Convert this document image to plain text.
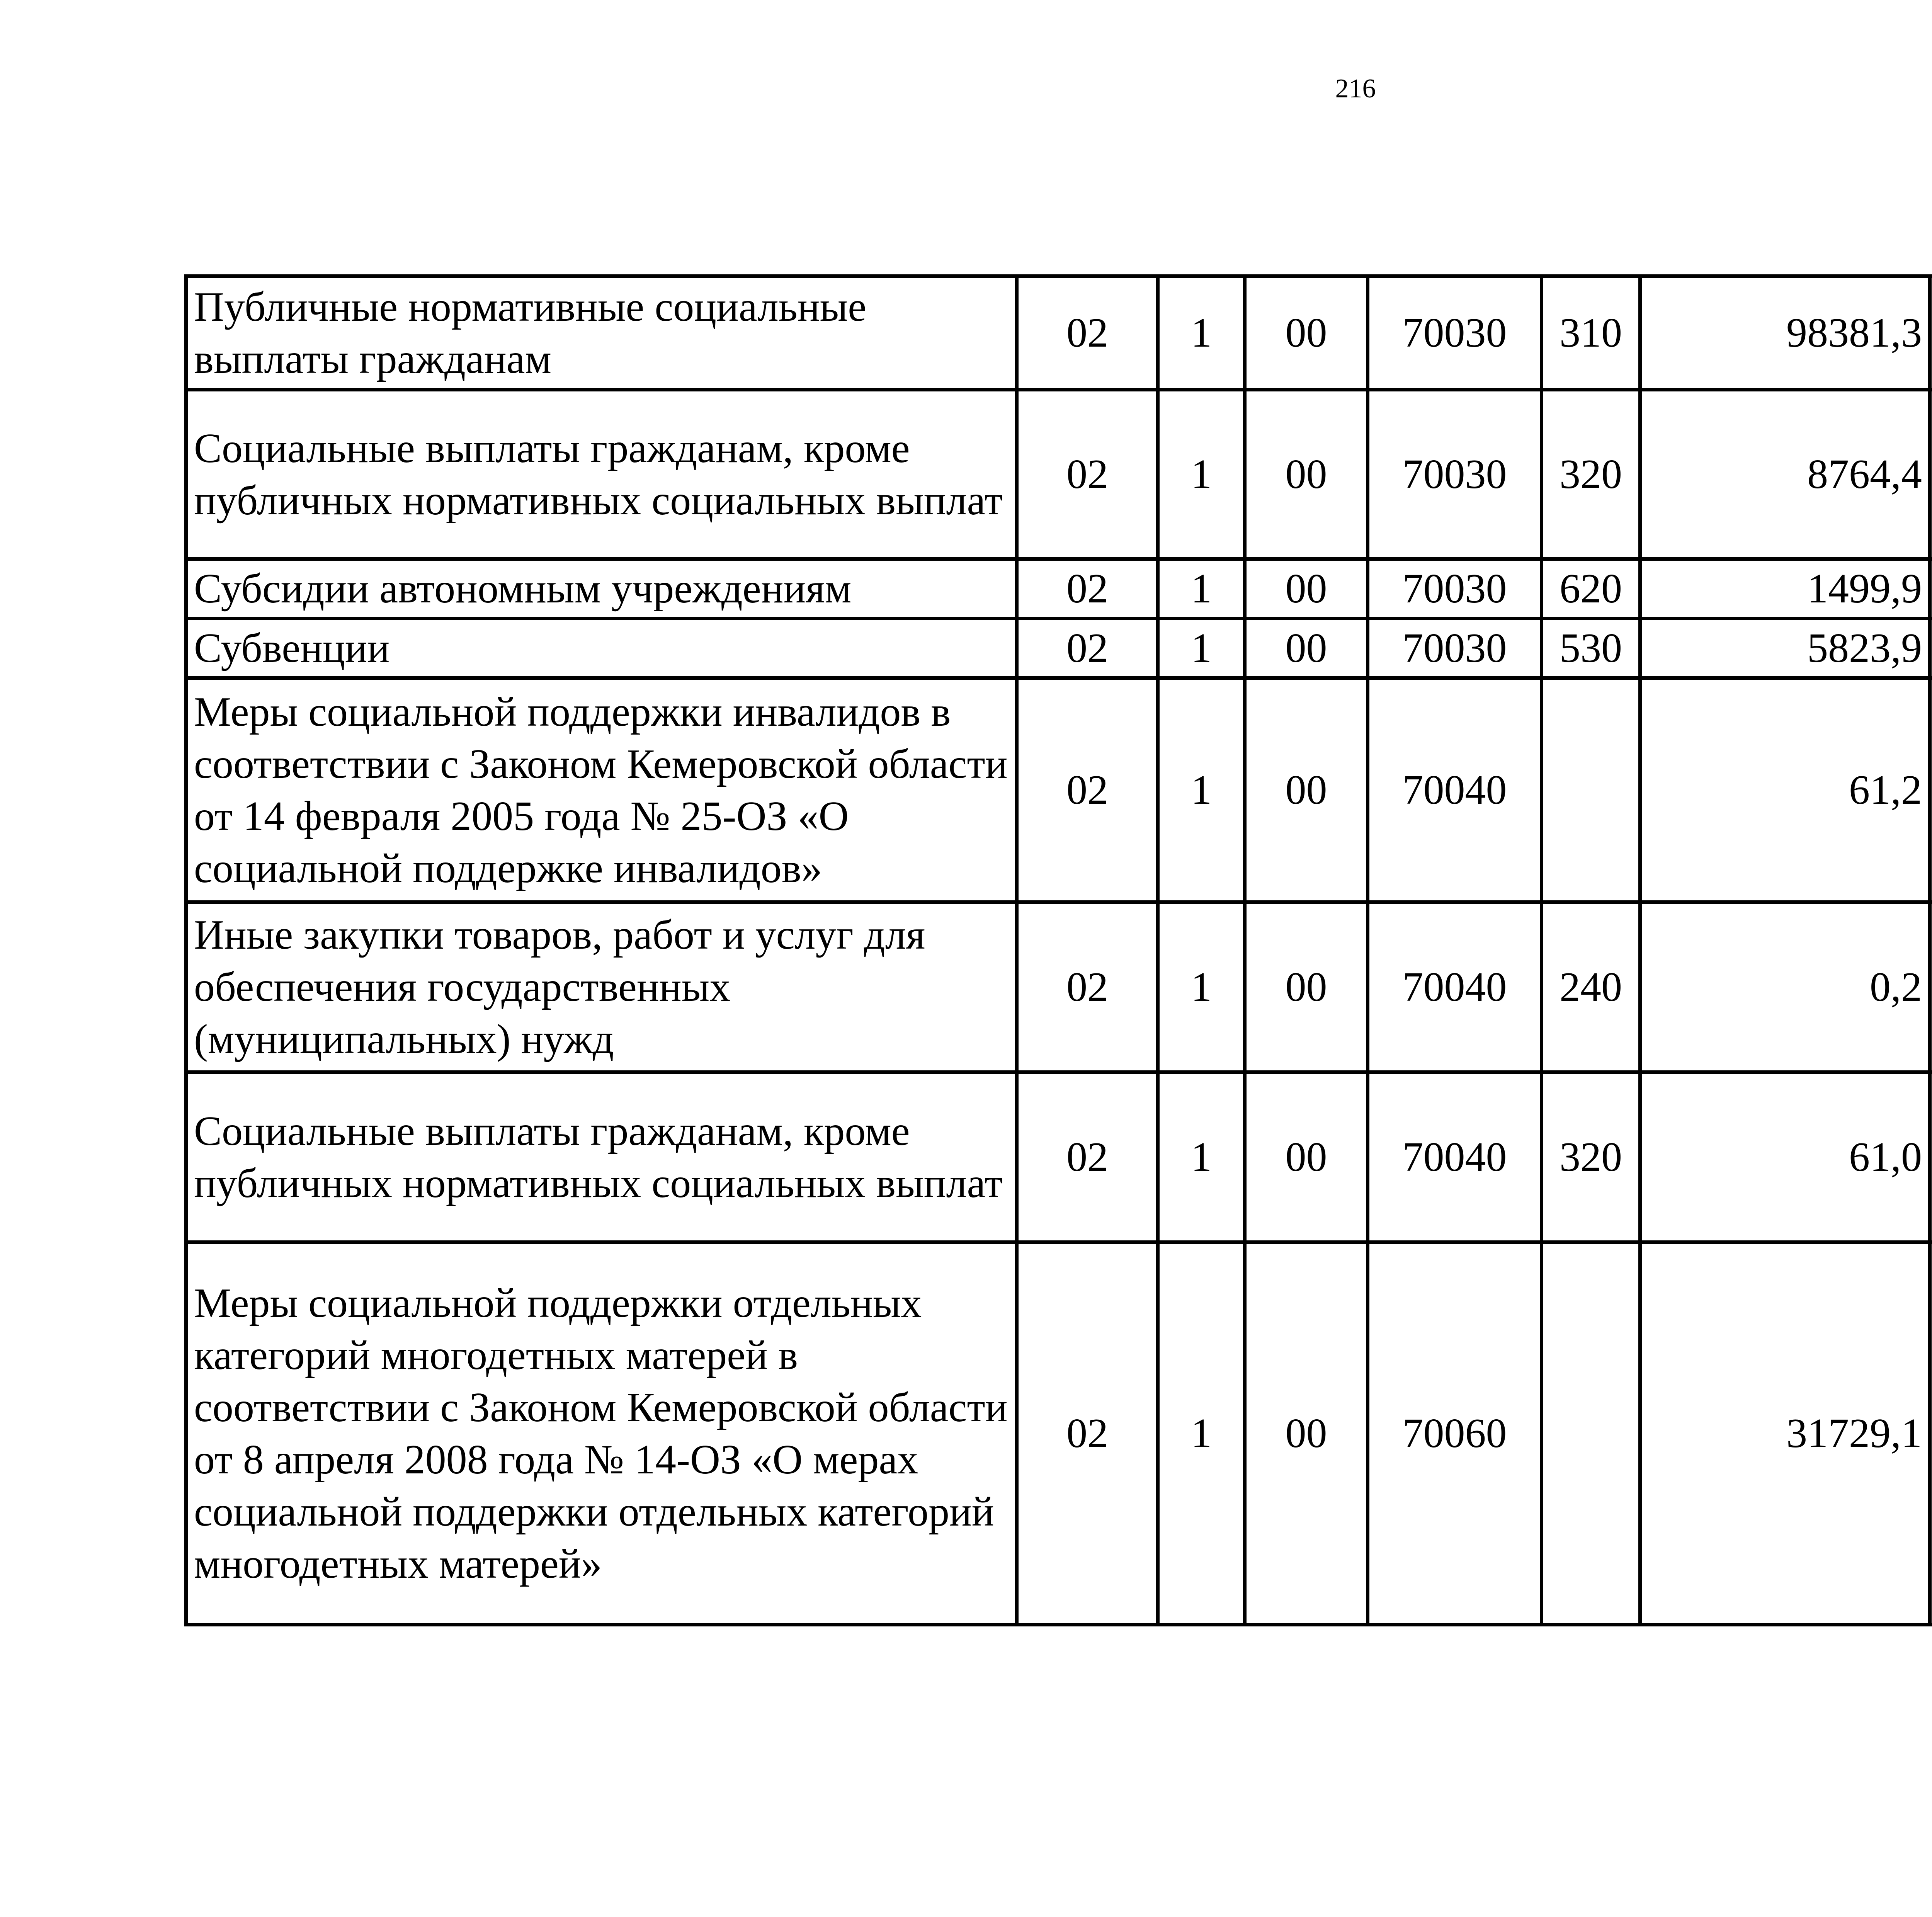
216
Публичные нормативные социальные выплаты гражданам	02	1	00	70030	310	98381,3		
Социальные выплаты гражданам, кроме публичных нормативных социальных выплат	02	1	00	70030	320	8764,4		
Субсидии автономным учреждениям	02	1	00	70030	620	1499,9		
Субвенции	02	1	00	70030	530	5823,9		
Меры социальной поддержки инвалидов в соответствии с Законом Кемеровской области от 14 февраля 2005 года № 25-ОЗ «О социальной поддержке инвалидов»	02	1	00	70040		61,2		
Иные закупки товаров, работ и услуг для обеспечения государственных (муниципальных) нужд	02	1	00	70040	240	0,2		
Социальные выплаты гражданам, кроме публичных нормативных социальных выплат	02	1	00	70040	320	61,0		
Меры социальной поддержки отдельных категорий многодетных матерей в соответствии с Законом Кемеровской области от 8 апреля 2008 года № 14-ОЗ «О мерах социальной поддержки отдельных категорий многодетных матерей»	02	1	00	70060		31729,1		
